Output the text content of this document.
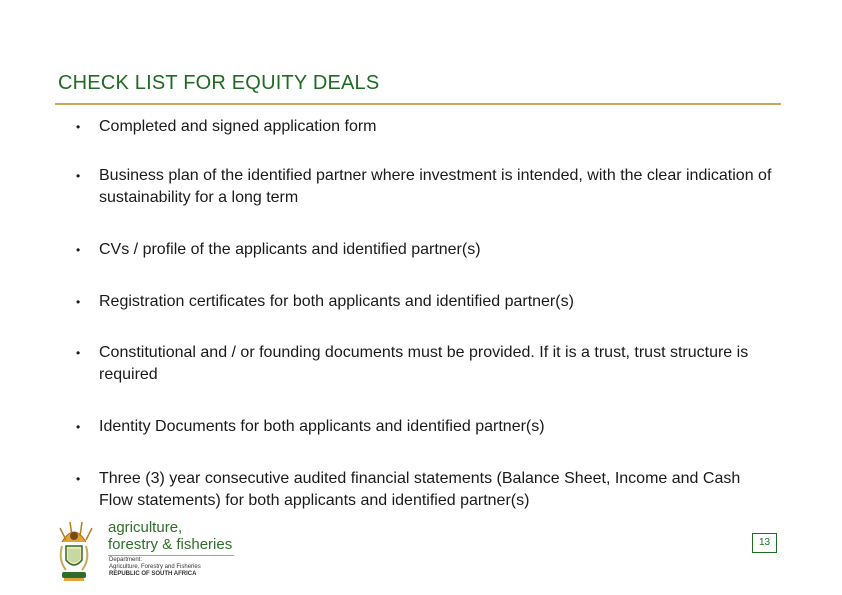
CHECK LIST FOR EQUITY DEALS
• Completed and signed application form
• Business plan of the identified partner where investment is intended, with the clear indication of sustainability for a long term
• CVs / profile of the applicants and identified partner(s)
• Registration certificates for both applicants and identified partner(s)
• Constitutional and / or founding documents must be provided. If it is a trust, trust structure is required
• Identity Documents for both applicants and identified partner(s)
• Three (3) year consecutive audited financial statements (Balance Sheet, Income and Cash Flow statements) for both applicants and identified partner(s)
agriculture,
forestry & fisheries
Department:
Agriculture, Forestry and Fisheries
REPUBLIC OF SOUTH AFRICA
13
